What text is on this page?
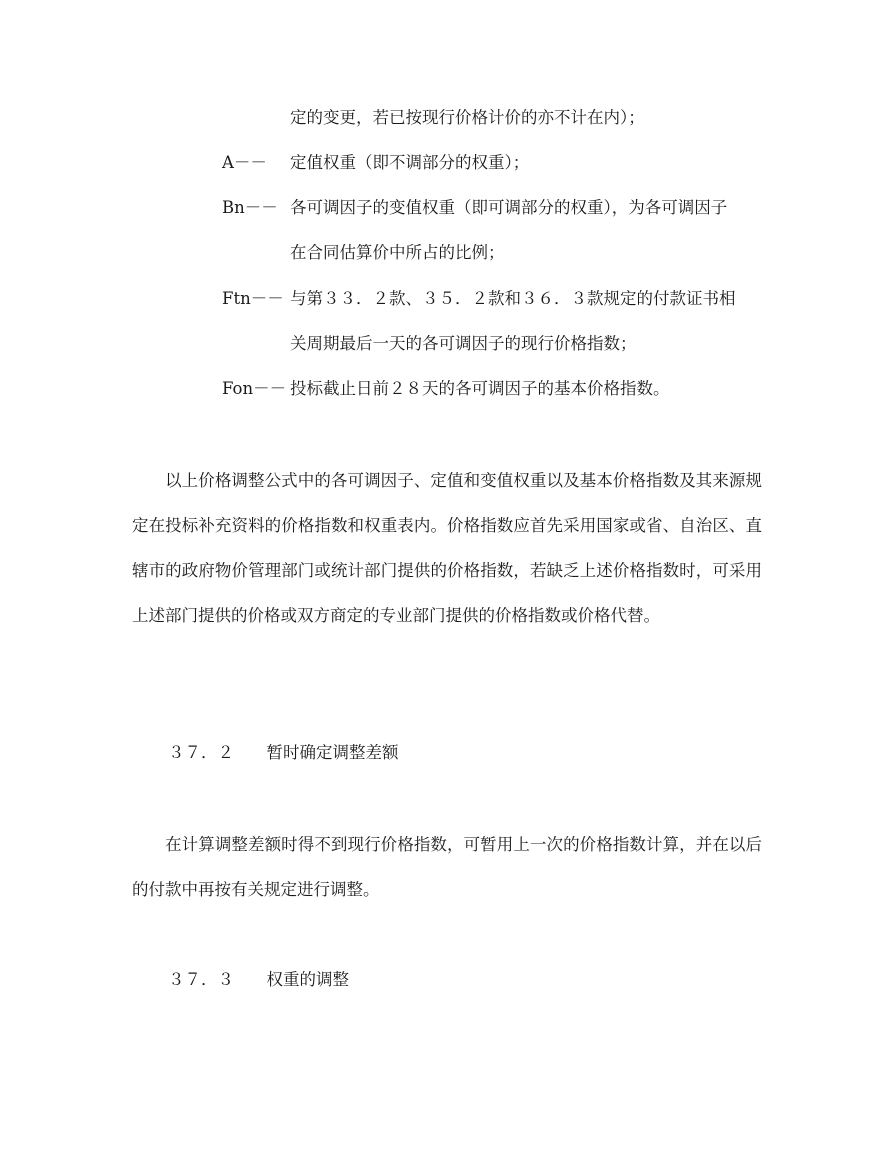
定的变更，若已按现行价格计价的亦不计在内）；
A－－ 定值权重（即不调部分的权重）；
Bn－－ 各可调因子的变值权重（即可调部分的权重），为各可调因子
在合同估算价中所占的比例；
Ftn－－ 与第３３．２款、３５．２款和３６．３款规定的付款证书相
关周期最后一天的各可调因子的现行价格指数；
Fon－－ 投标截止日前２８天的各可调因子的基本价格指数。
以上价格调整公式中的各可调因子、定值和变值权重以及基本价格指数及其来源规定在投标补充资料的价格指数和权重表内。价格指数应首先采用国家或省、自治区、直辖市的政府物价管理部门或统计部门提供的价格指数，若缺乏上述价格指数时，可采用上述部门提供的价格或双方商定的专业部门提供的价格指数或价格代替。
３７．２ 暂时确定调整差额
在计算调整差额时得不到现行价格指数，可暂用上一次的价格指数计算，并在以后的付款中再按有关规定进行调整。
３７．３ 权重的调整
